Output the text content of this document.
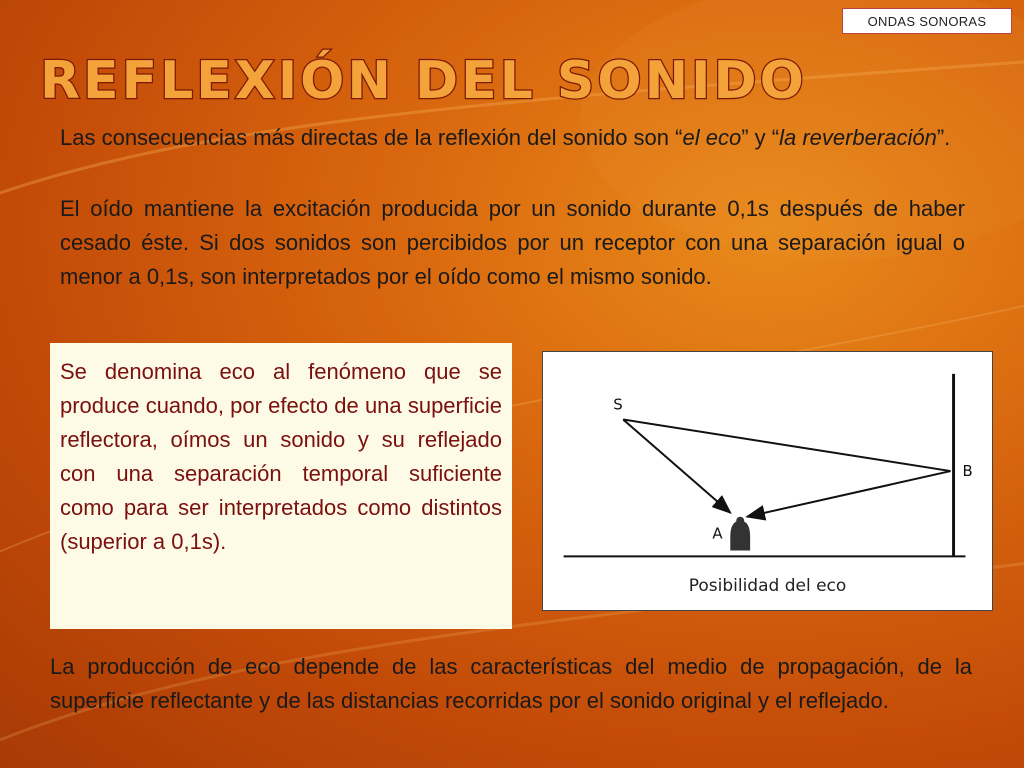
ONDAS SONORAS
REFLEXIÓN DEL SONIDO
Las consecuencias más directas de la reflexión del sonido son “el eco” y “la reverberación”.
El oído mantiene la excitación producida por un sonido durante 0,1s después de haber cesado éste. Si dos sonidos son percibidos por un receptor con una separación igual o menor a 0,1s, son interpretados por el oído como el mismo sonido.

Se denomina eco al fenómeno que se produce cuando, por efecto de una superficie reflectora, oímos un sonido y su reflejado con una separación temporal suficiente como para ser interpretados como distintos (superior a 0,1s).

S
A
B
Posibilidad del eco
La producción de eco depende de las características del medio de propagación, de la superficie reflectante y de las distancias recorridas por el sonido original y el reflejado.
